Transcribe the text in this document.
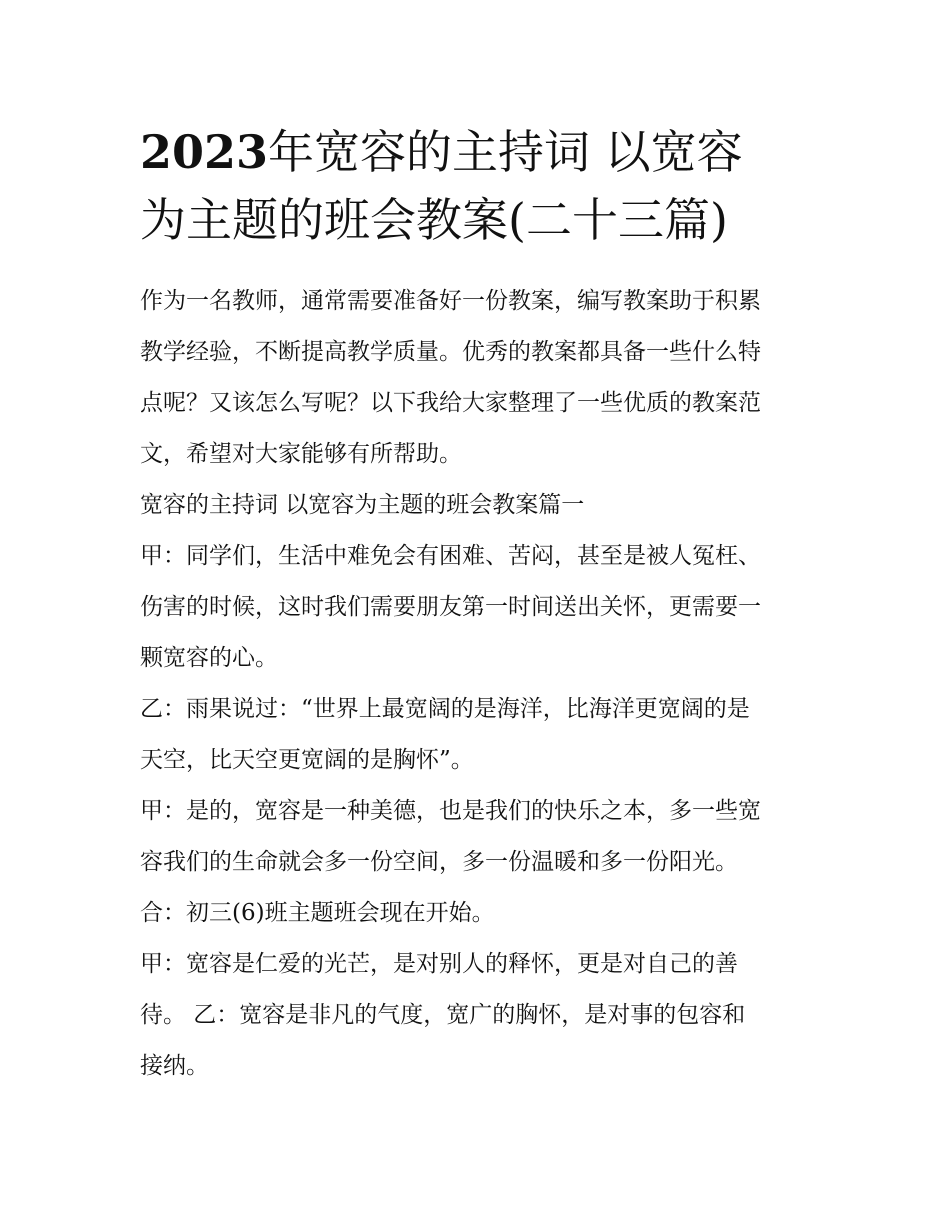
2023年宽容的主持词 以宽容
为主题的班会教案(二十三篇)
作为一名教师，通常需要准备好一份教案，编写教案助于积累
教学经验，不断提高教学质量。优秀的教案都具备一些什么特
点呢？又该怎么写呢？以下我给大家整理了一些优质的教案范
文，希望对大家能够有所帮助。
宽容的主持词 以宽容为主题的班会教案篇一
甲：同学们，生活中难免会有困难、苦闷，甚至是被人冤枉、
伤害的时候，这时我们需要朋友第一时间送出关怀，更需要一
颗宽容的心。
乙：雨果说过：“世界上最宽阔的是海洋，比海洋更宽阔的是
天空，比天空更宽阔的是胸怀”。
甲：是的，宽容是一种美德，也是我们的快乐之本，多一些宽
容我们的生命就会多一份空间，多一份温暖和多一份阳光。
合：初三(6)班主题班会现在开始。
甲：宽容是仁爱的光芒，是对别人的释怀，更是对自己的善
待。 乙：宽容是非凡的气度，宽广的胸怀，是对事的包容和
接纳。
